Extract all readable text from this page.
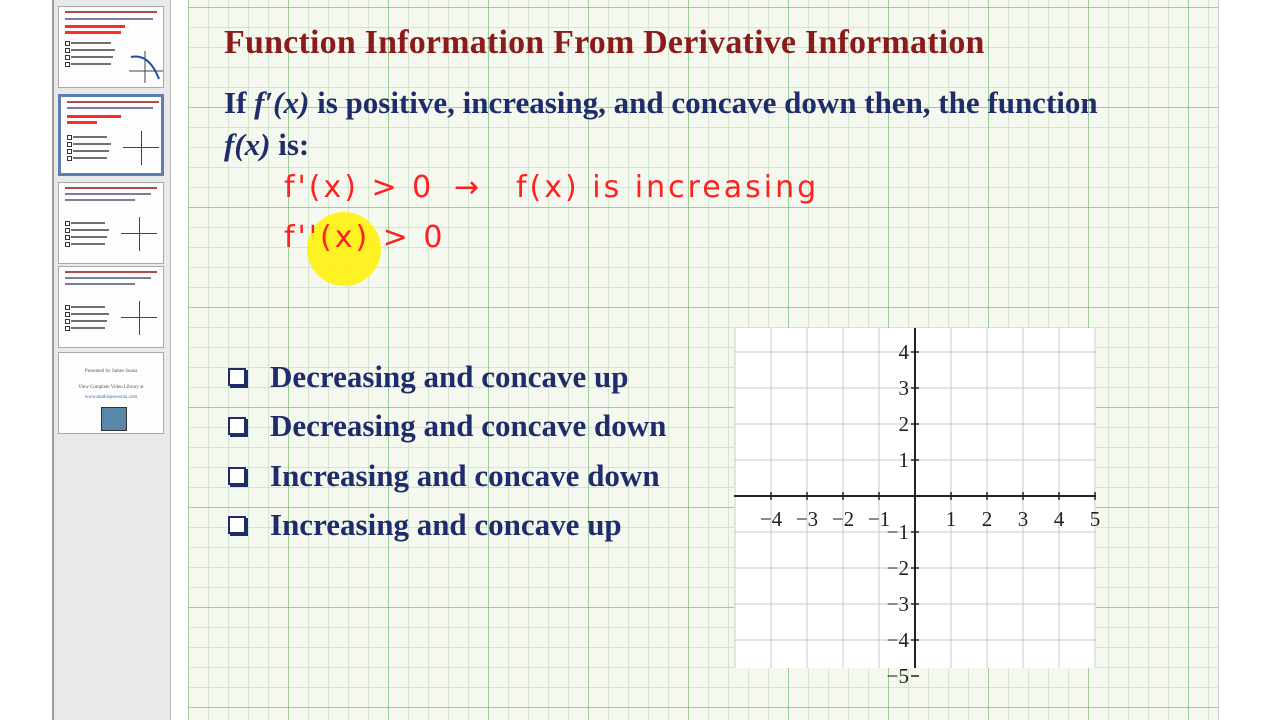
Presented by James Sousa
View Complete Video Library at
www.mathispower4u.com
Function Information From Derivative Information
If f′(x) is positive, increasing, and concave down then, the function f(x) is:
f'(x) > 0 → f(x) is increasing
f''(x) > 0
Decreasing and concave up
Decreasing and concave down
Increasing and concave down
Increasing and concave up	−4 −3 −2 −1	1 2 3 4 5
4
3
2
1
−1
−2
−3
−4
−5
